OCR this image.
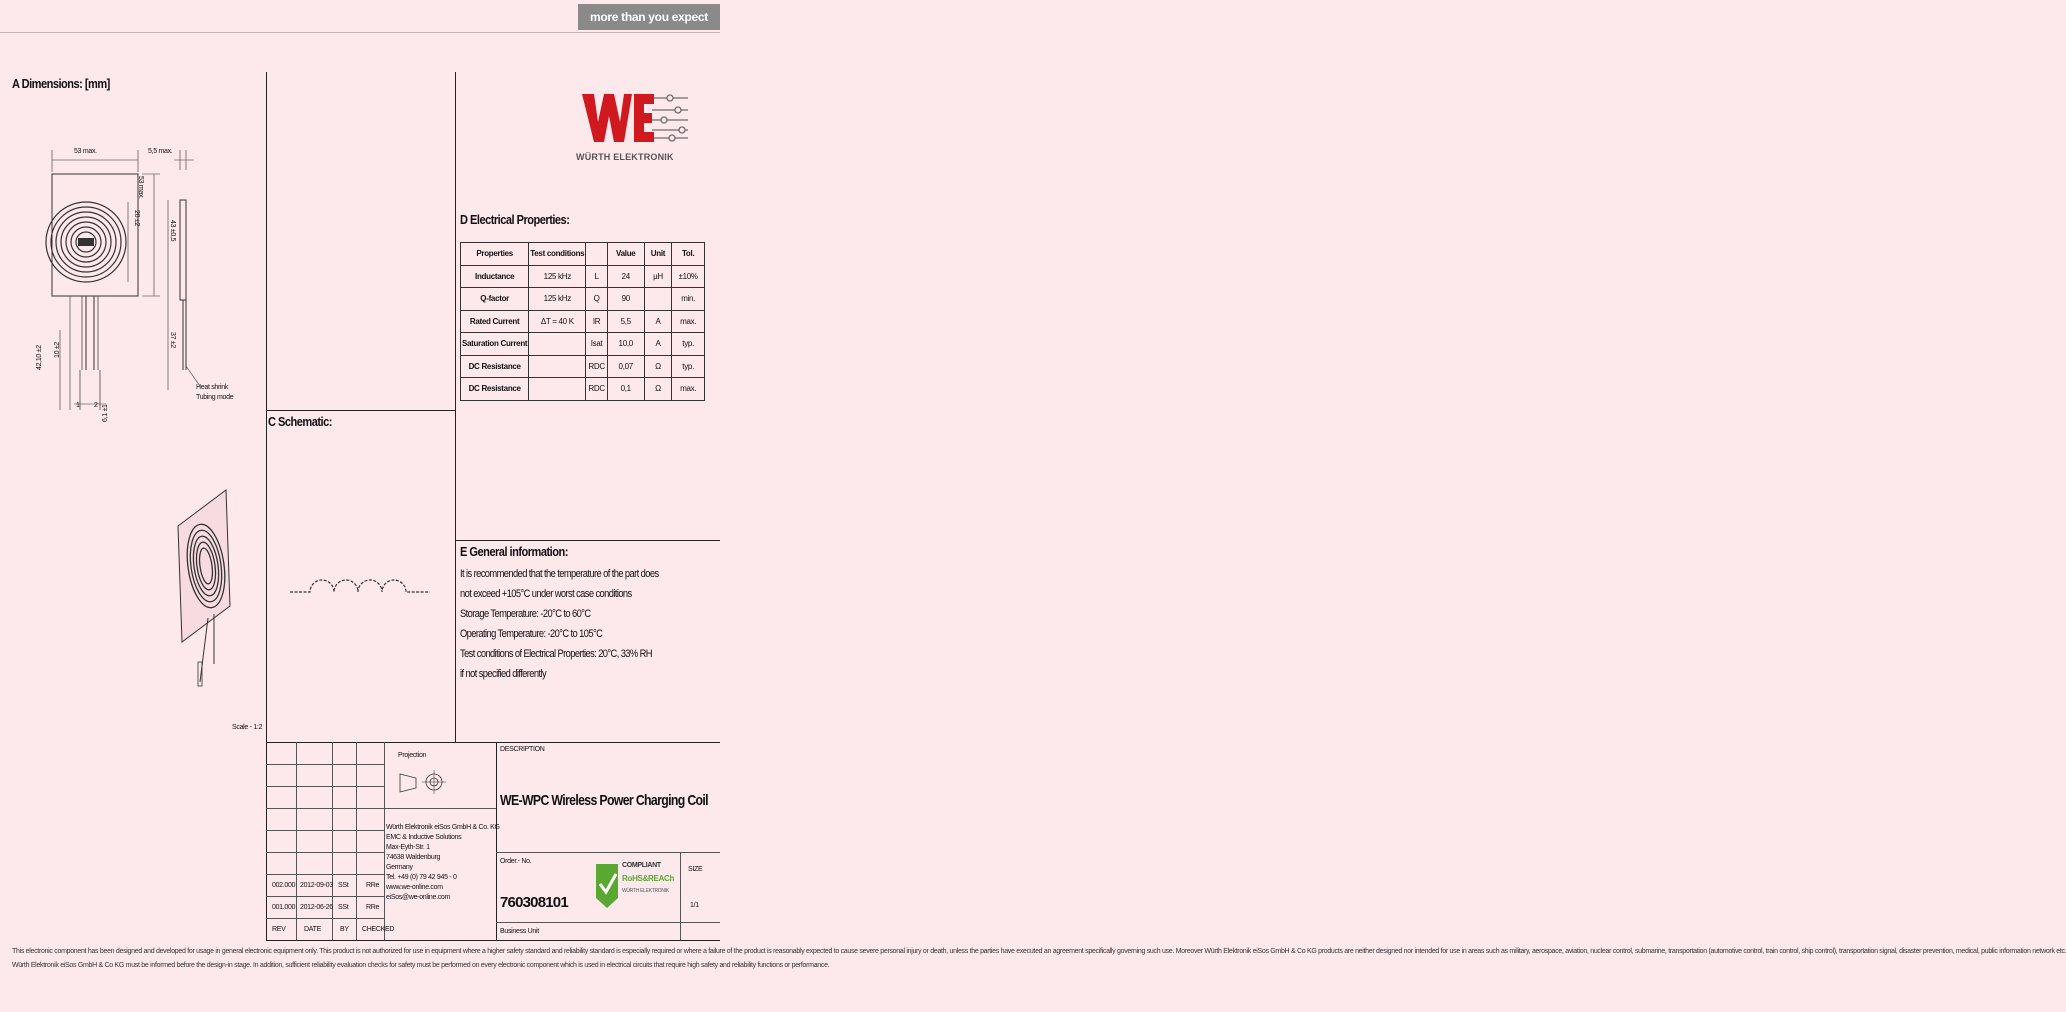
more than you expect
A Dimensions: [mm]
WÜRTH ELEKTRONIK
53 max.	5,5 max.
53 max.
20 ±2
43 ±0,5
37 ±2
42,10 ±2 10 ±2
1 2 6,1 ±1
Heat shrink
Tubing mode
Scale - 1:2
C Schematic:
D Electrical Properties:
Properties	Test conditions		Value	Unit	Tol.
Inductance	125 kHz	L	24	µH	±10%
Q-factor	125 kHz	Q	90		min.
Rated Current	ΔT = 40 K	IR	5,5	A	max.
Saturation Current		Isat	10,0	A	typ.
DC Resistance		RDC	0,07	Ω	typ.
DC Resistance		RDC	0,1	Ω	max.
E General information:
It is recommended that the temperature of the part does
not exceed +105°C under worst case conditions
Storage Temperature: -20°C to 60°C
Operating Temperature: -20°C to 105°C
Test conditions of Electrical Properties: 20°C, 33% RH
if not specified differently
002.000 2012-09-03 SSt	RRe
001.000 2012-06-26 SSt	RRe
REV	DATE	BY CHECKED
Projection
Würth Elektronik eiSos GmbH & Co. KG
EMC & Inductive Solutions
Max-Eyth-Str. 1
74638 Waldenburg
Germany
Tel. +49 (0) 79 42 945 - 0
www.we-online.com
eiSos@we-online.com
DESCRIPTION
WE-WPC Wireless Power Charging Coil
Order.- No.
760308101
COMPLIANT
RoHS&REACh
WÜRTH ELEKTRONIK
SIZE
1/1
Business Unit
This electronic component has been designed and developed for usage in general electronic equipment only. This product is not authorized for use in equipment where a higher safety standard and reliability standard is especially required or where a failure of the product is reasonably expected to cause severe personal injury or death, unless the parties have executed an agreement specifically governing such use. Moreover Würth Elektronik eiSos GmbH & Co KG products are neither designed nor intended for use in areas such as military, aerospace, aviation, nuclear control, submarine, transportation (automotive control, train control, ship control), transportation signal, disaster prevention, medical, public information network etc.
Würth Elektronik eiSos GmbH & Co KG must be informed before the design-in stage. In addition, sufficient reliability evaluation checks for safety must be performed on every electronic component which is used in electrical circuits that require high safety and reliability functions or performance.
